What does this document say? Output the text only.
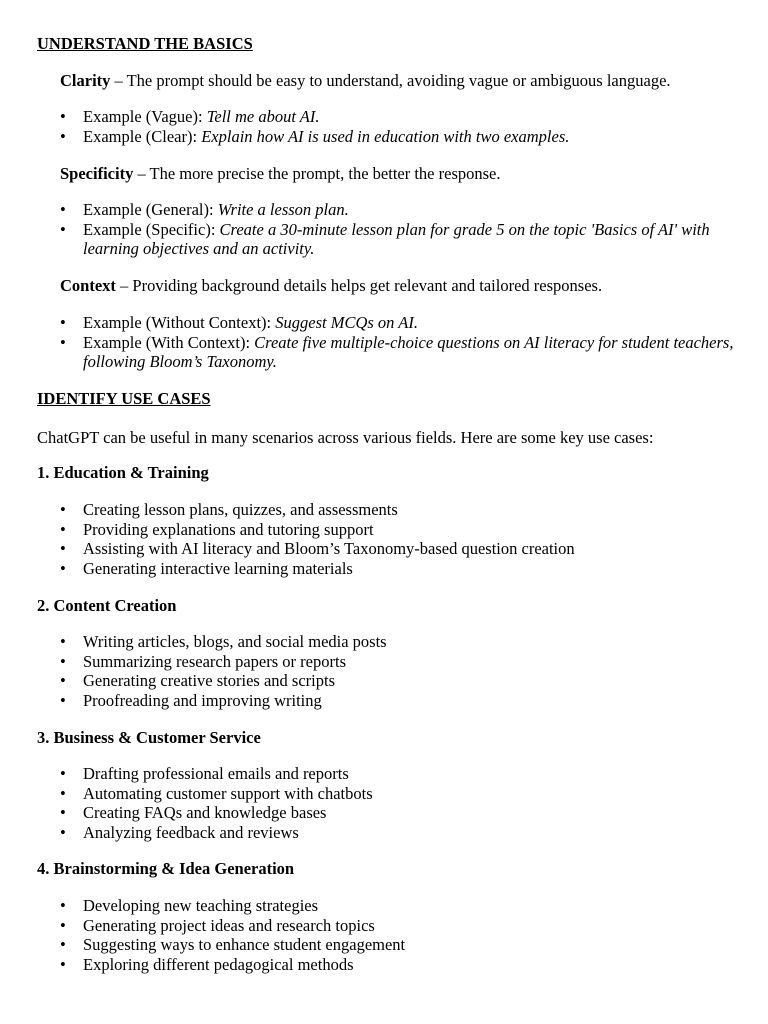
UNDERSTAND THE BASICS
Clarity – The prompt should be easy to understand, avoiding vague or ambiguous language.
• Example (Vague): Tell me about AI.
• Example (Clear): Explain how AI is used in education with two examples.
Specificity – The more precise the prompt, the better the response.
• Example (General): Write a lesson plan.
• Example (Specific): Create a 30-minute lesson plan for grade 5 on the topic 'Basics of AI' with learning objectives and an activity.
Context – Providing background details helps get relevant and tailored responses.
• Example (Without Context): Suggest MCQs on AI.
• Example (With Context): Create five multiple-choice questions on AI literacy for student teachers, following Bloom’s Taxonomy.
IDENTIFY USE CASES
ChatGPT can be useful in many scenarios across various fields. Here are some key use cases:
1. Education & Training
• Creating lesson plans, quizzes, and assessments
• Providing explanations and tutoring support
• Assisting with AI literacy and Bloom’s Taxonomy-based question creation
• Generating interactive learning materials
2. Content Creation
• Writing articles, blogs, and social media posts
• Summarizing research papers or reports
• Generating creative stories and scripts
• Proofreading and improving writing
3. Business & Customer Service
• Drafting professional emails and reports
• Automating customer support with chatbots
• Creating FAQs and knowledge bases
• Analyzing feedback and reviews
4. Brainstorming & Idea Generation
• Developing new teaching strategies
• Generating project ideas and research topics
• Suggesting ways to enhance student engagement
• Exploring different pedagogical methods
